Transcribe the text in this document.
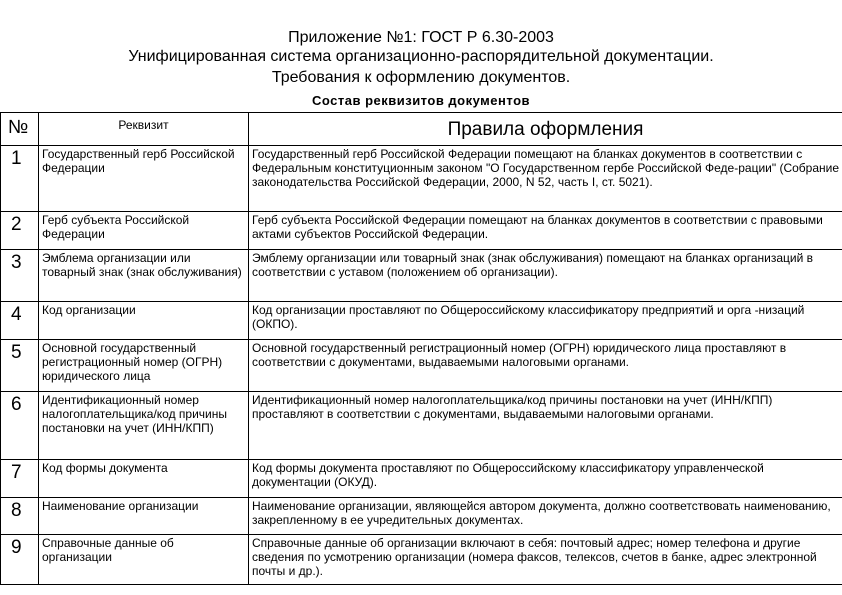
Приложение №1: ГОСТ Р 6.30-2003
Унифицированная система организационно-распорядительной документации.
Требования к оформлению документов.
Состав реквизитов документов
№	Реквизит	Правила оформления
1	Государственный герб Российской Федерации	Государственный герб Российской Федерации помещают на бланках документов в соответствии с Федеральным конституционным законом "О Государственном гербе Российской Феде-рации" (Собрание законодательства Российской Федерации, 2000, N 52, часть I, ст. 5021).
2	Герб субъекта Российской Федерации	Герб субъекта Российской Федерации помещают на бланках документов в соответствии с правовыми актами субъектов Российской Федерации.
3	Эмблема организации или товарный знак (знак обслуживания)	Эмблему организации или товарный знак (знак обслуживания) помещают на бланках организаций в соответствии с уставом (положением об организации).
4	Код организации	Код организации проставляют по Общероссийскому классификатору предприятий и орга -низаций (ОКПО).
5	Основной государственный регистрационный номер (ОГРН) юридического лица	Основной государственный регистрационный номер (ОГРН) юридического лица проставляют в соответствии с документами, выдаваемыми налоговыми органами.
6	Идентификационный номер налогоплательщика/код причины постановки на учет (ИНН/КПП)	Идентификационный номер налогоплательщика/код причины постановки на учет (ИНН/КПП) проставляют в соответствии с документами, выдаваемыми налоговыми органами.
7	Код формы документа	Код формы документа проставляют по Общероссийскому классификатору управленческой документации (ОКУД).
8	Наименование организации	Наименование организации, являющейся автором документа, должно соответствовать наименованию, закрепленному в ее учредительных документах.
9	Справочные данные об организации	Справочные данные об организации включают в себя: почтовый адрес; номер телефона и другие сведения по усмотрению организации (номера факсов, телексов, счетов в банке, адрес электронной почты и др.).
